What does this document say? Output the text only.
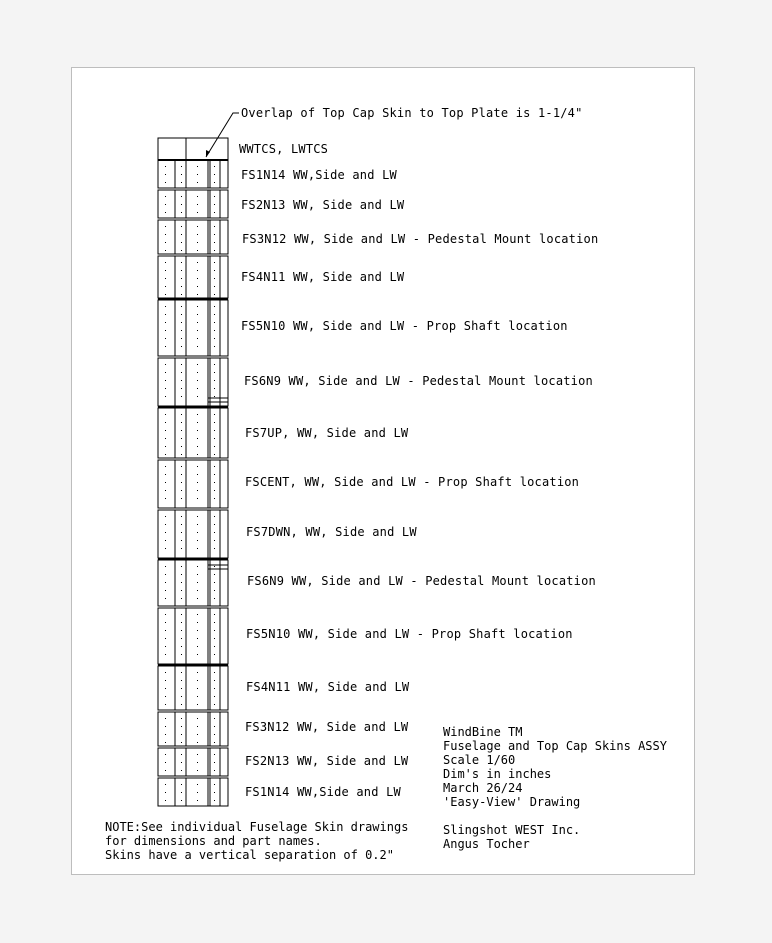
Overlap of Top Cap Skin to Top Plate is 1-1/4"
WWTCS, LWTCS
FS1N14 WW,Side and LW
FS2N13 WW, Side and LW
FS3N12 WW, Side and LW - Pedestal Mount location
FS4N11 WW, Side and LW
FS5N10 WW, Side and LW - Prop Shaft location
FS6N9 WW, Side and LW - Pedestal Mount location
FS7UP, WW, Side and LW
FSCENT, WW, Side and LW - Prop Shaft location
FS7DWN, WW, Side and LW
FS6N9 WW, Side and LW - Pedestal Mount location
FS5N10 WW, Side and LW - Prop Shaft location
FS4N11 WW, Side and LW
FS3N12 WW, Side and LW
FS2N13 WW, Side and LW
FS1N14 WW,Side and LW
NOTE:See individual Fuselage Skin drawings
for dimensions and part names.
Skins have a vertical separation of 0.2"
WindBine TM
Fuselage and Top Cap Skins ASSY
Scale 1/60
Dim's in inches
March 26/24
'Easy-View' Drawing
Slingshot WEST Inc.
Angus Tocher
